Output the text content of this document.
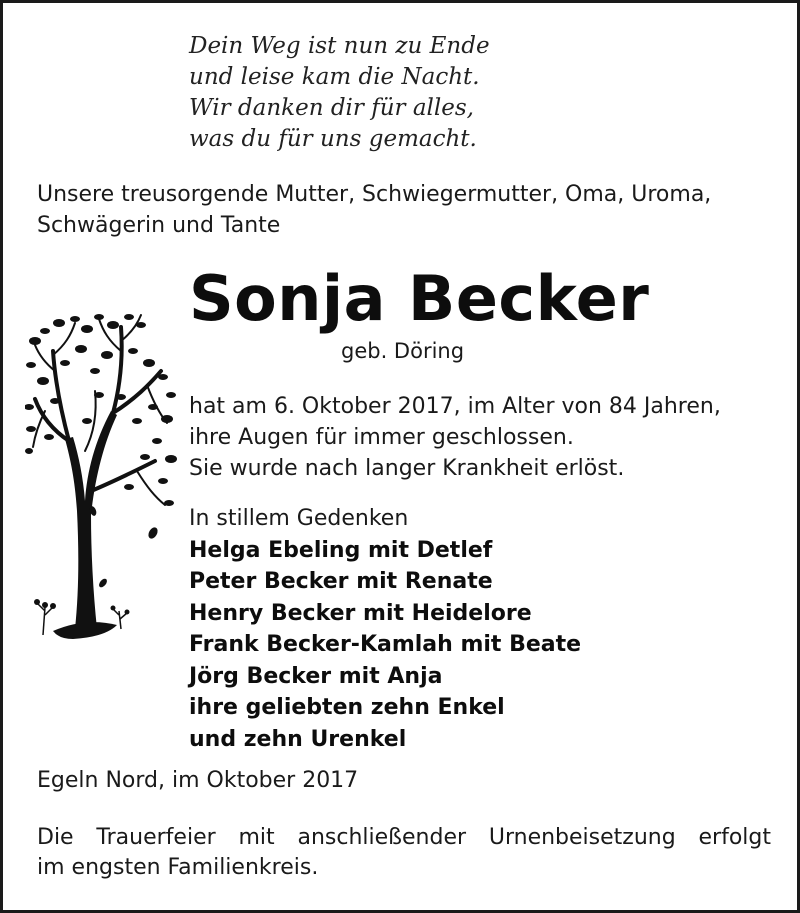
Dein Weg ist nun zu Ende
und leise kam die Nacht.
Wir danken dir für alles,
was du für uns gemacht.
Unsere treusorgende Mutter, Schwiegermutter, Oma, Uroma,
Schwägerin und Tante
Sonja Becker
geb. Döring
hat am 6. Oktober 2017, im Alter von 84 Jahren,
ihre Augen für immer geschlossen.
Sie wurde nach langer Krankheit erlöst.
In stillem Gedenken
Helga Ebeling mit Detlef
Peter Becker mit Renate
Henry Becker mit Heidelore
Frank Becker-Kamlah mit Beate
Jörg Becker mit Anja
ihre geliebten zehn Enkel
und zehn Urenkel
Egeln Nord, im Oktober 2017
Die Trauerfeier mit anschließender Urnenbeisetzung erfolgt
im engsten Familienkreis.
